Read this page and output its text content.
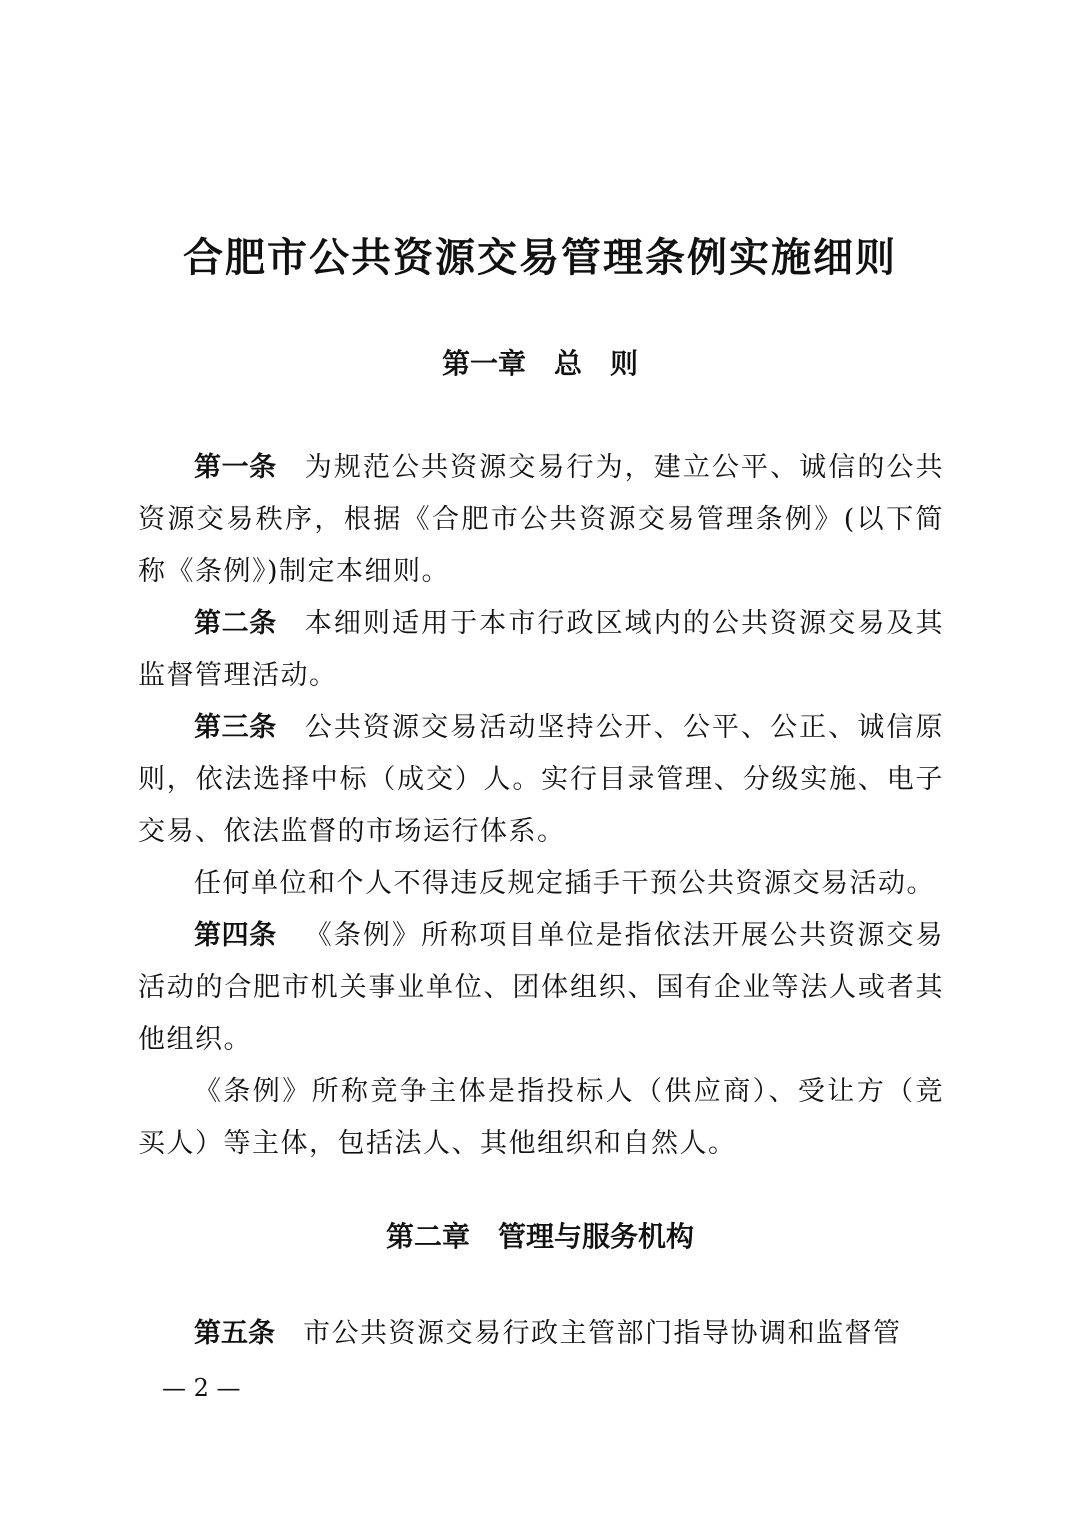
合肥市公共资源交易管理条例实施细则
第一章　总　则

第一条 为规范公共资源交易行为，建立公平、诚信的公共资源交易秩序，根据《合肥市公共资源交易管理条例》(以下简称《条例》)制定本细则。

第二条 本细则适用于本市行政区域内的公共资源交易及其监督管理活动。

第三条 公共资源交易活动坚持公开、公平、公正、诚信原则，依法选择中标（成交）人。实行目录管理、分级实施、电子交易、依法监督的市场运行体系。

任何单位和个人不得违反规定插手干预公共资源交易活动。

第四条 《条例》所称项目单位是指依法开展公共资源交易活动的合肥市机关事业单位、团体组织、国有企业等法人或者其他组织。

《条例》所称竞争主体是指投标人（供应商）、受让方（竞买人）等主体，包括法人、其他组织和自然人。

第二章　管理与服务机构

第五条 市公共资源交易行政主管部门指导协调和监督管

— 2 —
